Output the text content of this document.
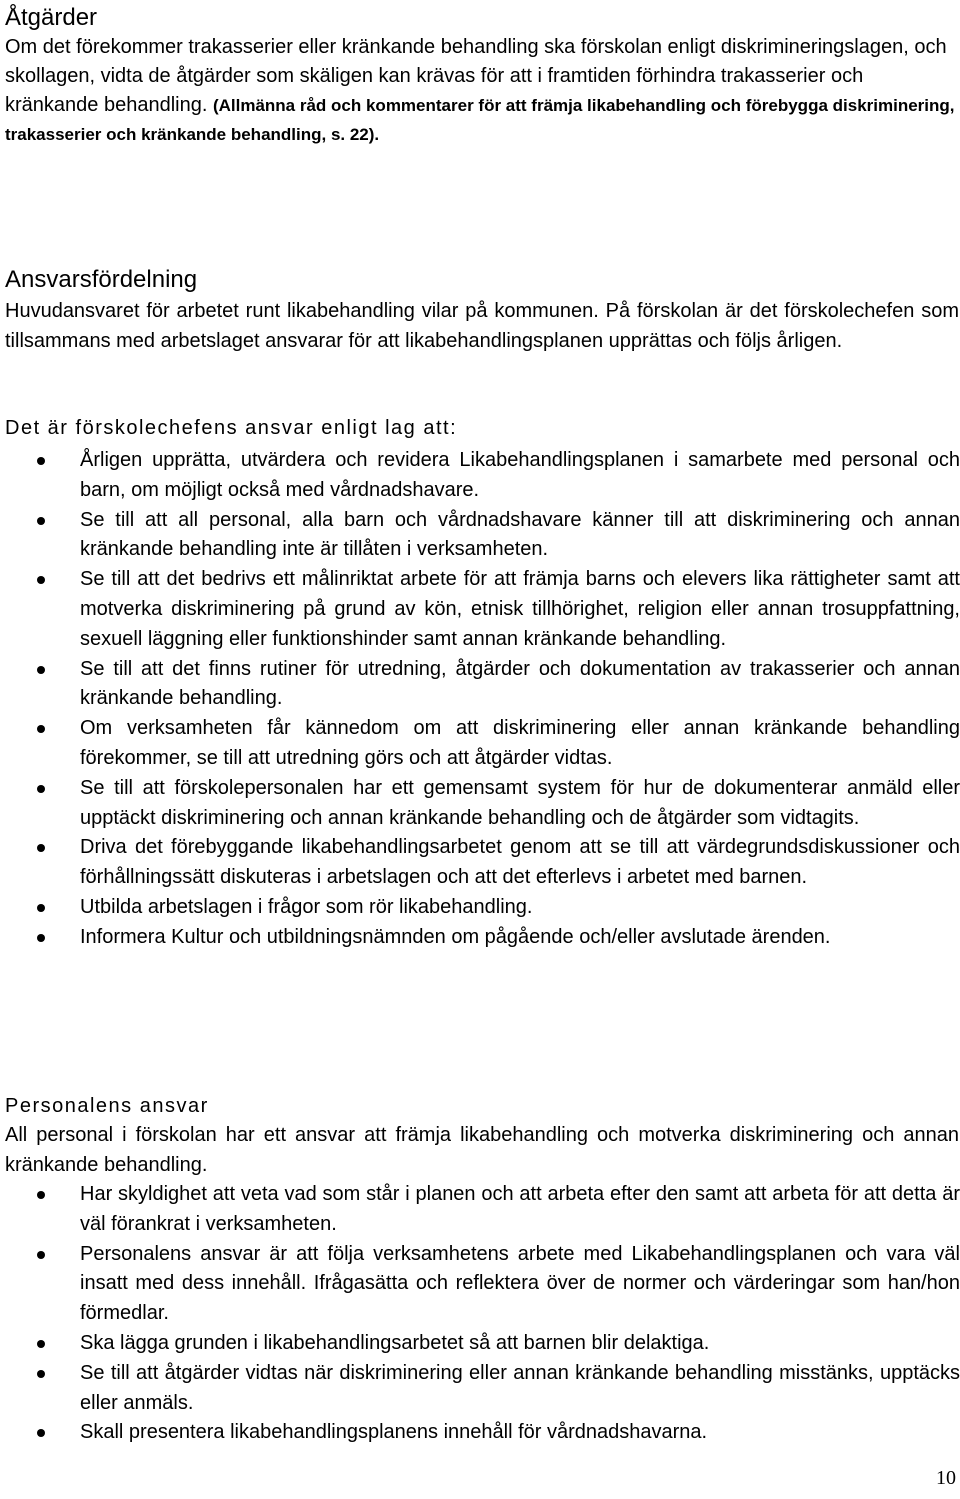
Åtgärder

Om det förekommer trakasserier eller kränkande behandling ska förskolan enligt diskrimineringslagen, och skollagen, vidta de åtgärder som skäligen kan krävas för att i framtiden förhindra trakasserier och kränkande behandling. (Allmänna råd och kommentarer för att främja likabehandling och förebygga diskriminering, trakasserier och kränkande behandling, s. 22).

Ansvarsfördelning

Huvudansvaret för arbetet runt likabehandling vilar på kommunen. På förskolan är det förskolechefen som tillsammans med arbetslaget ansvarar för att likabehandlingsplanen upprättas och följs årligen.

Det är förskolechefens ansvar enligt lag att:

Årligen upprätta, utvärdera och revidera Likabehandlingsplanen i samarbete med personal och barn, om möjligt också med vårdnadshavare.
Se till att all personal, alla barn och vårdnadshavare känner till att diskriminering och annan kränkande behandling inte är tillåten i verksamheten.
Se till att det bedrivs ett målinriktat arbete för att främja barns och elevers lika rättigheter samt att motverka diskriminering på grund av kön, etnisk tillhörighet, religion eller annan trosuppfattning, sexuell läggning eller funktionshinder samt annan kränkande behandling.
Se till att det finns rutiner för utredning, åtgärder och dokumentation av trakasserier och annan kränkande behandling.
Om verksamheten får kännedom om att diskriminering eller annan kränkande behandling förekommer, se till att utredning görs och att åtgärder vidtas.
Se till att förskolepersonalen har ett gemensamt system för hur de dokumenterar anmäld eller upptäckt diskriminering och annan kränkande behandling och de åtgärder som vidtagits.
Driva det förebyggande likabehandlingsarbetet genom att se till att värdegrundsdiskussioner och förhållningssätt diskuteras i arbetslagen och att det efterlevs i arbetet med barnen.
Utbilda arbetslagen i frågor som rör likabehandling.
Informera Kultur och utbildningsnämnden om pågående och/eller avslutade ärenden.
Personalens ansvar

All personal i förskolan har ett ansvar att främja likabehandling och motverka diskriminering och annan kränkande behandling.

Har skyldighet att veta vad som står i planen och att arbeta efter den samt att arbeta för att detta är väl förankrat i verksamheten.
Personalens ansvar är att följa verksamhetens arbete med Likabehandlingsplanen och vara väl insatt med dess innehåll. Ifrågasätta och reflektera över de normer och värderingar som han/hon förmedlar.
Ska lägga grunden i likabehandlingsarbetet så att barnen blir delaktiga.
Se till att åtgärder vidtas när diskriminering eller annan kränkande behandling misstänks, upptäcks eller anmäls.
Skall presentera likabehandlingsplanens innehåll för vårdnadshavarna.
10
